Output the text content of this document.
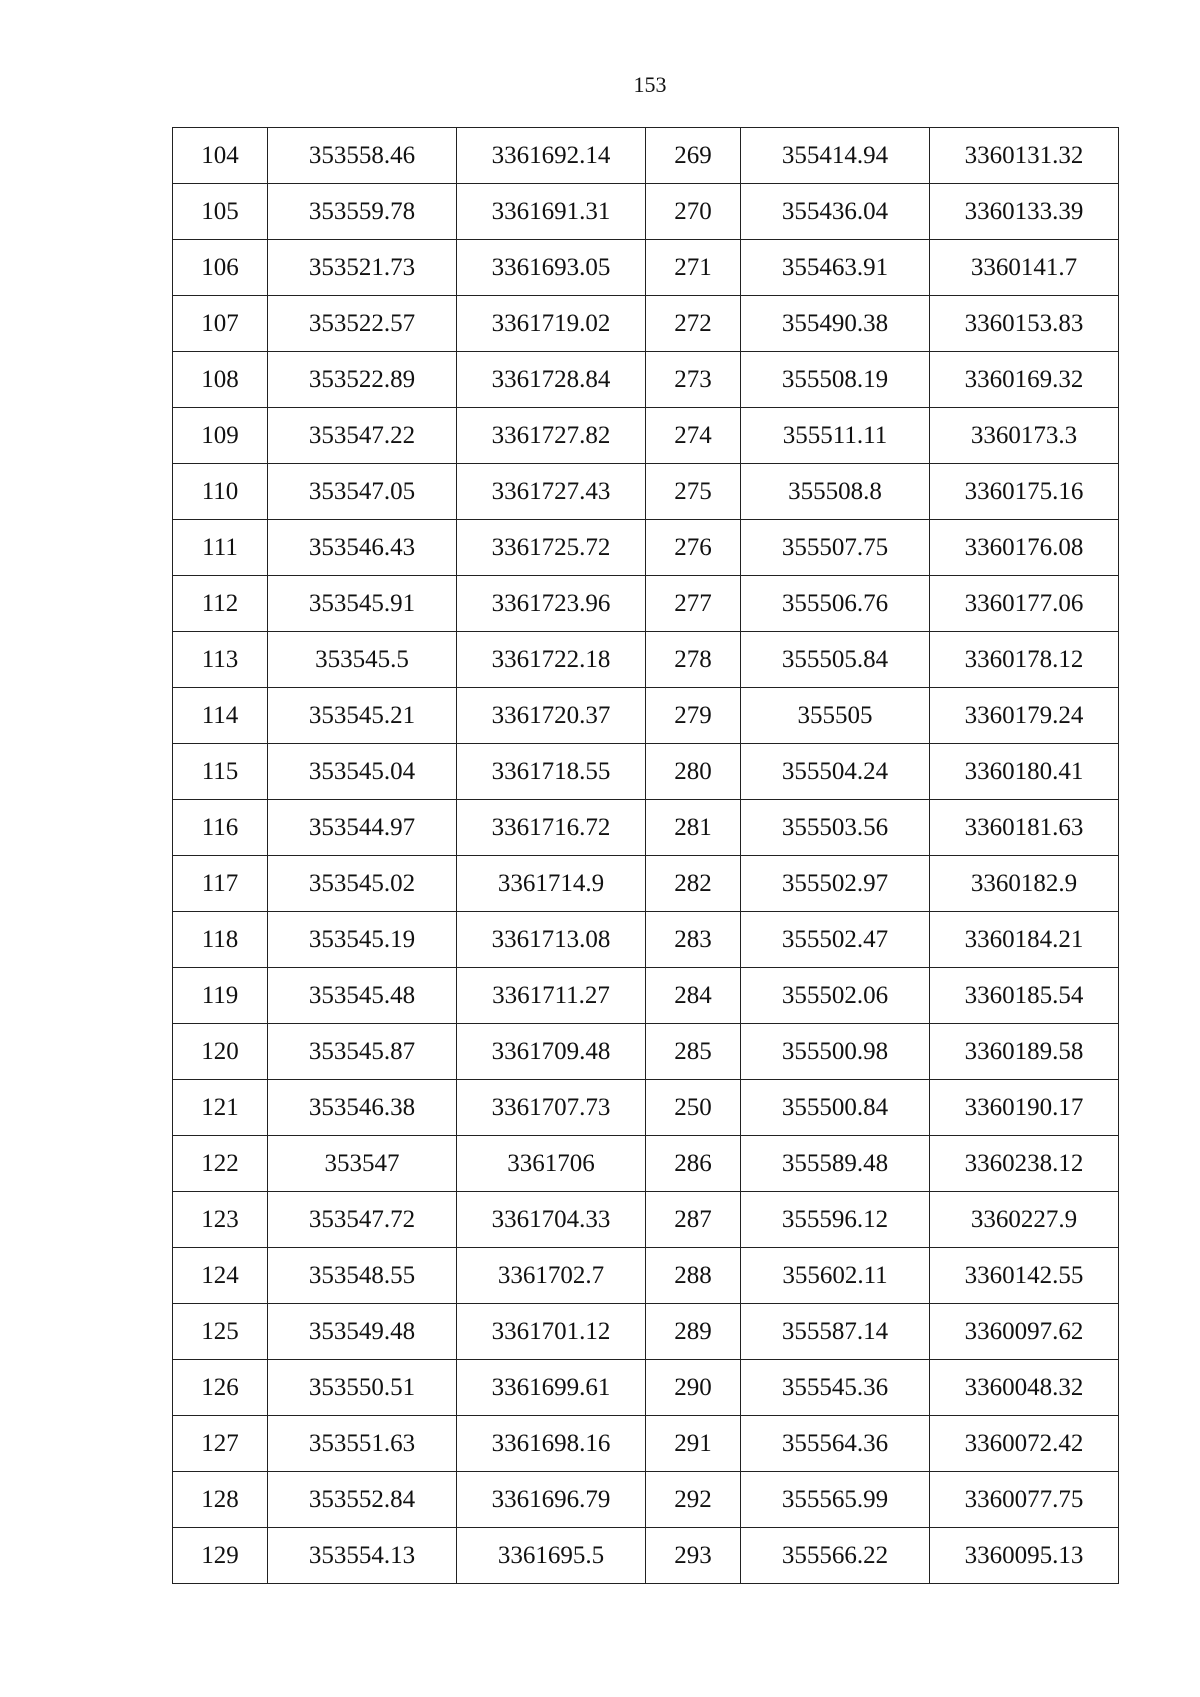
153
104	353558.46	3361692.14	269	355414.94	3360131.32
105	353559.78	3361691.31	270	355436.04	3360133.39
106	353521.73	3361693.05	271	355463.91	3360141.7
107	353522.57	3361719.02	272	355490.38	3360153.83
108	353522.89	3361728.84	273	355508.19	3360169.32
109	353547.22	3361727.82	274	355511.11	3360173.3
110	353547.05	3361727.43	275	355508.8	3360175.16
111	353546.43	3361725.72	276	355507.75	3360176.08
112	353545.91	3361723.96	277	355506.76	3360177.06
113	353545.5	3361722.18	278	355505.84	3360178.12
114	353545.21	3361720.37	279	355505	3360179.24
115	353545.04	3361718.55	280	355504.24	3360180.41
116	353544.97	3361716.72	281	355503.56	3360181.63
117	353545.02	3361714.9	282	355502.97	3360182.9
118	353545.19	3361713.08	283	355502.47	3360184.21
119	353545.48	3361711.27	284	355502.06	3360185.54
120	353545.87	3361709.48	285	355500.98	3360189.58
121	353546.38	3361707.73	250	355500.84	3360190.17
122	353547	3361706	286	355589.48	3360238.12
123	353547.72	3361704.33	287	355596.12	3360227.9
124	353548.55	3361702.7	288	355602.11	3360142.55
125	353549.48	3361701.12	289	355587.14	3360097.62
126	353550.51	3361699.61	290	355545.36	3360048.32
127	353551.63	3361698.16	291	355564.36	3360072.42
128	353552.84	3361696.79	292	355565.99	3360077.75
129	353554.13	3361695.5	293	355566.22	3360095.13
